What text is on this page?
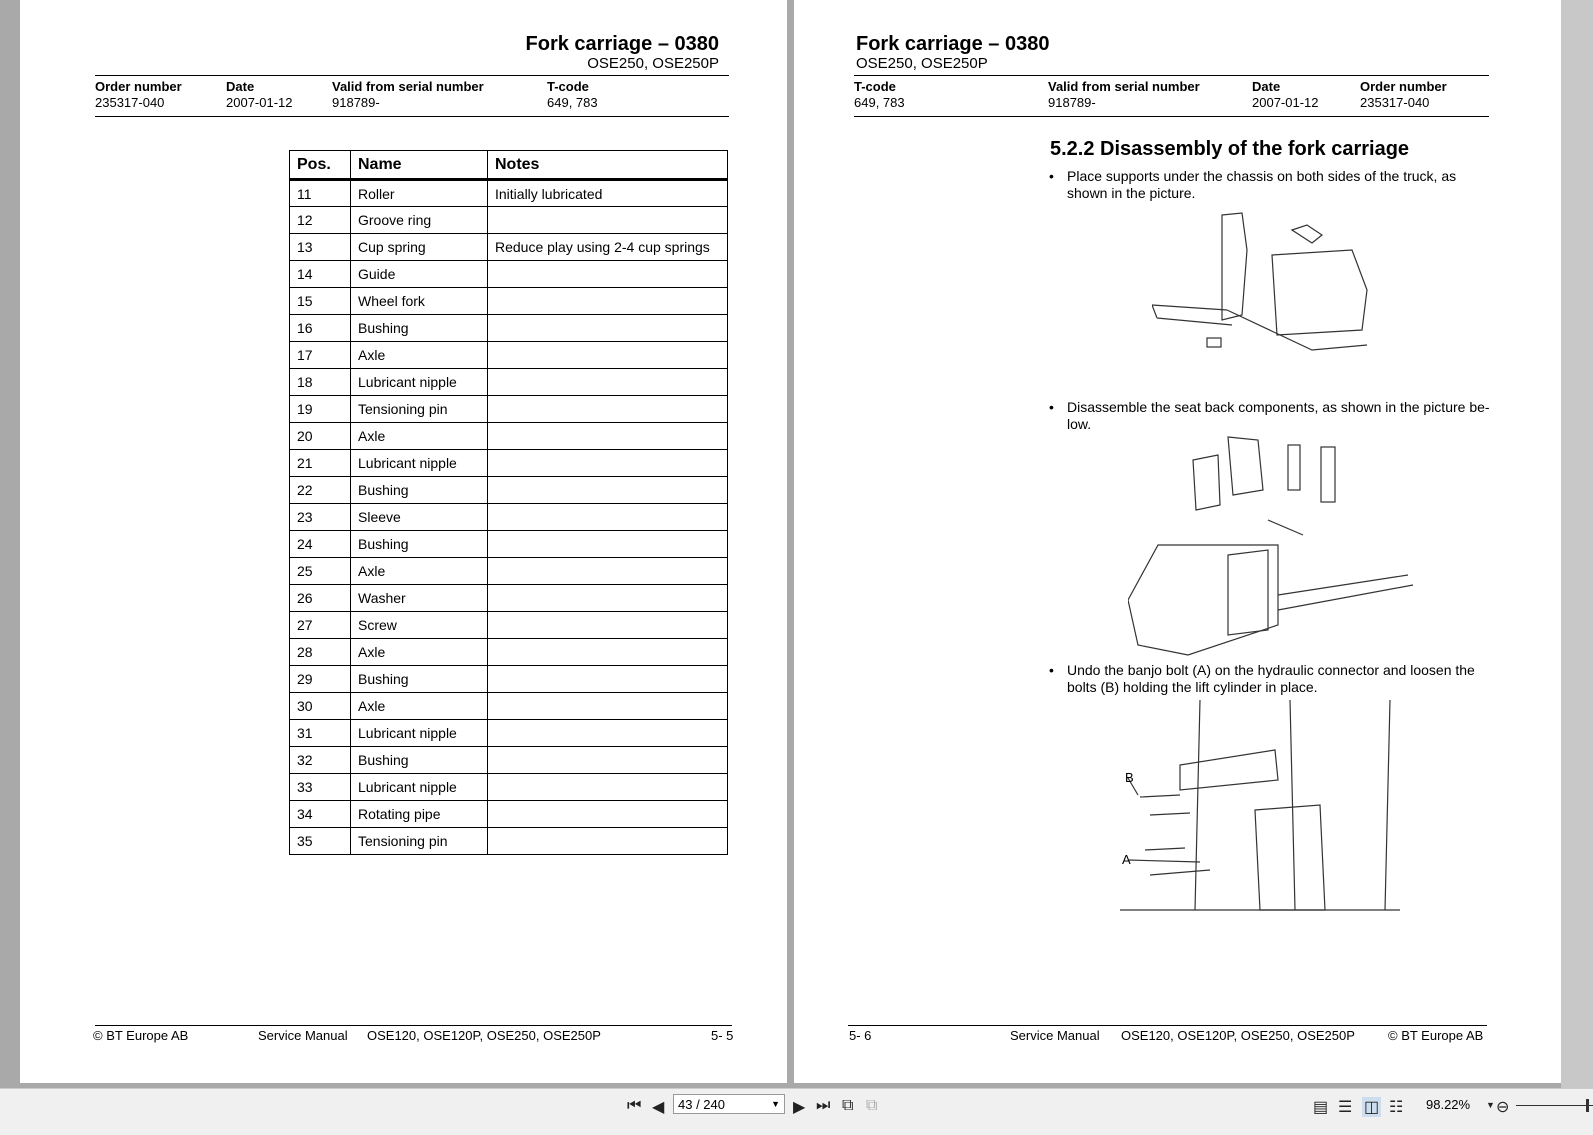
Fork carriage – 0380
OSE250, OSE250P
Order number
235317-040
Date
2007-01-12
Valid from serial number
918789-
T-code
649, 783
Pos.	Name	Notes
11	Roller	Initially lubricated
12	Groove ring	
13	Cup spring	Reduce play using 2-4 cup springs
14	Guide	
15	Wheel fork	
16	Bushing	
17	Axle	
18	Lubricant nipple	
19	Tensioning pin	
20	Axle	
21	Lubricant nipple	
22	Bushing	
23	Sleeve	
24	Bushing	
25	Axle	
26	Washer	
27	Screw	
28	Axle	
29	Bushing	
30	Axle	
31	Lubricant nipple	
32	Bushing	
33	Lubricant nipple	
34	Rotating pipe	
35	Tensioning pin	
© BT Europe AB	Service Manual OSE120, OSE120P, OSE250, OSE250P	5- 5
Fork carriage – 0380
OSE250, OSE250P
T-code
649, 783
Valid from serial number
918789-
Date
2007-01-12
Order number
235317-040
5.2.2 Disassembly of the fork carriage
• Place supports under the chassis on both sides of the truck, as shown in the picture.
• Disassemble the seat back components, as shown in the picture be-low.
• Undo the banjo bolt (A) on the hydraulic connector and loosen the bolts (B) holding the lift cylinder in place.
B
A
5- 6	Service Manual OSE120, OSE120P, OSE250, OSE250P	© BT Europe AB
⏮ ◀	43 / 240	▼ ▶ ⏭ ⧉ ⧉	▤ ☰ ◫ ☷ 98.22% ▼ ⊖
